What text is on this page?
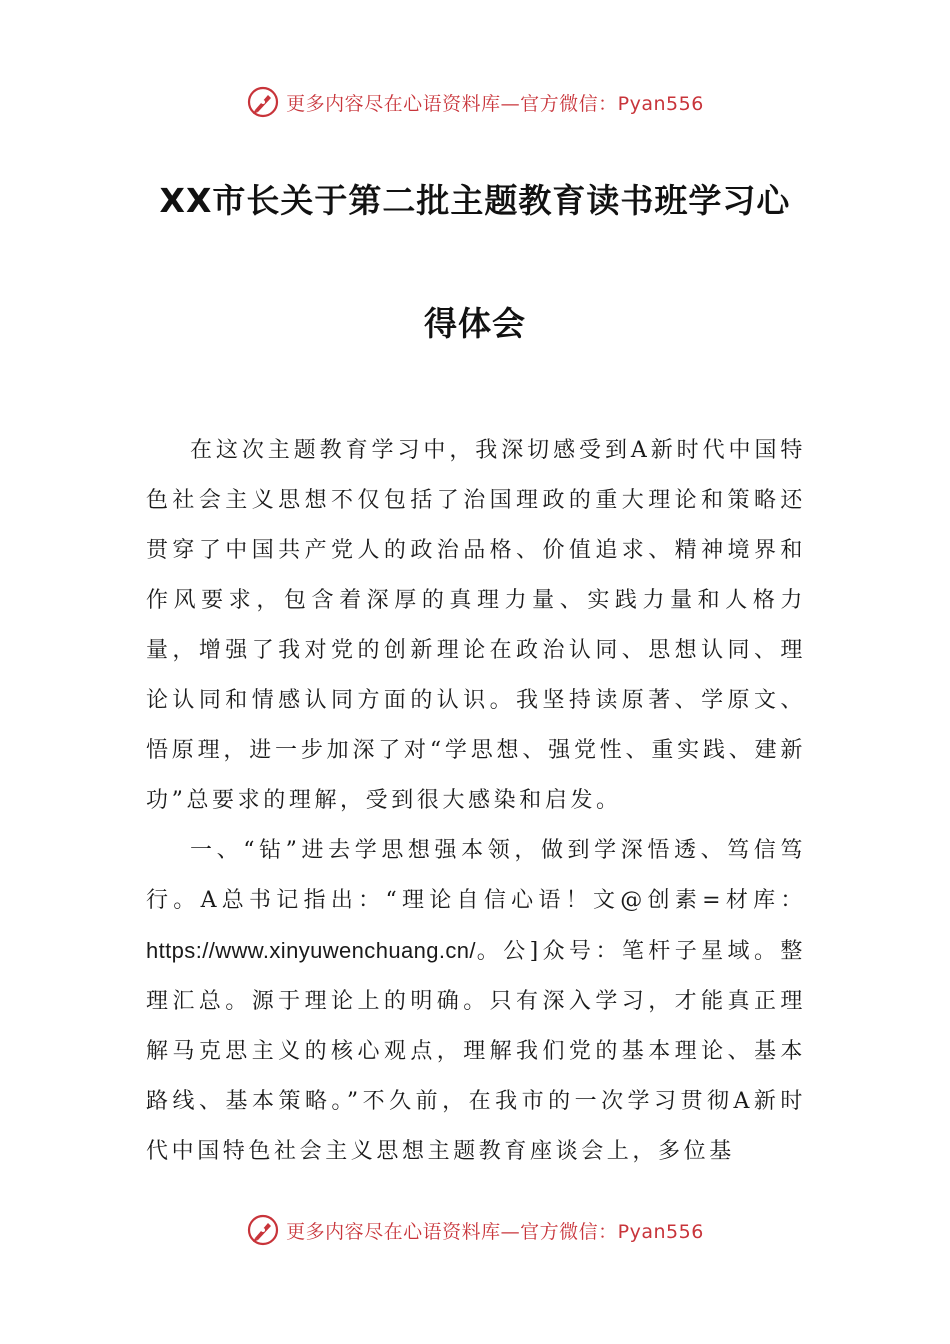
更多内容尽在心语资料库—官方微信：Pyan556
XX市长关于第二批主题教育读书班学习心
得体会

在这次主题教育学习中，我深切感受到A新时代中国特色社会主义思想不仅包括了治国理政的重大理论和策略还贯穿了中国共产党人的政治品格、价值追求、精神境界和作风要求，包含着深厚的真理力量、实践力量和人格力量，增强了我对党的创新理论在政治认同、思想认同、理论认同和情感认同方面的认识。我坚持读原著、学原文、悟原理，进一步加深了对“学思想、强党性、重实践、建新功”总要求的理解，受到很大感染和启发。

一、“钻”进去学思想强本领，做到学深悟透、笃信笃行。A总书记指出：“理论自信心语！文@创素=材库：https://www.xinyuwenchuang.cn/。公]众号：笔杆子星域。整理汇总。源于理论上的明确。只有深入学习，才能真正理解马克思主义的核心观点，理解我们党的基本理论、基本路线、基本策略。”不久前，在我市的一次学习贯彻A新时代中国特色社会主义思想主题教育座谈会上，多位基

更多内容尽在心语资料库—官方微信：Pyan556
